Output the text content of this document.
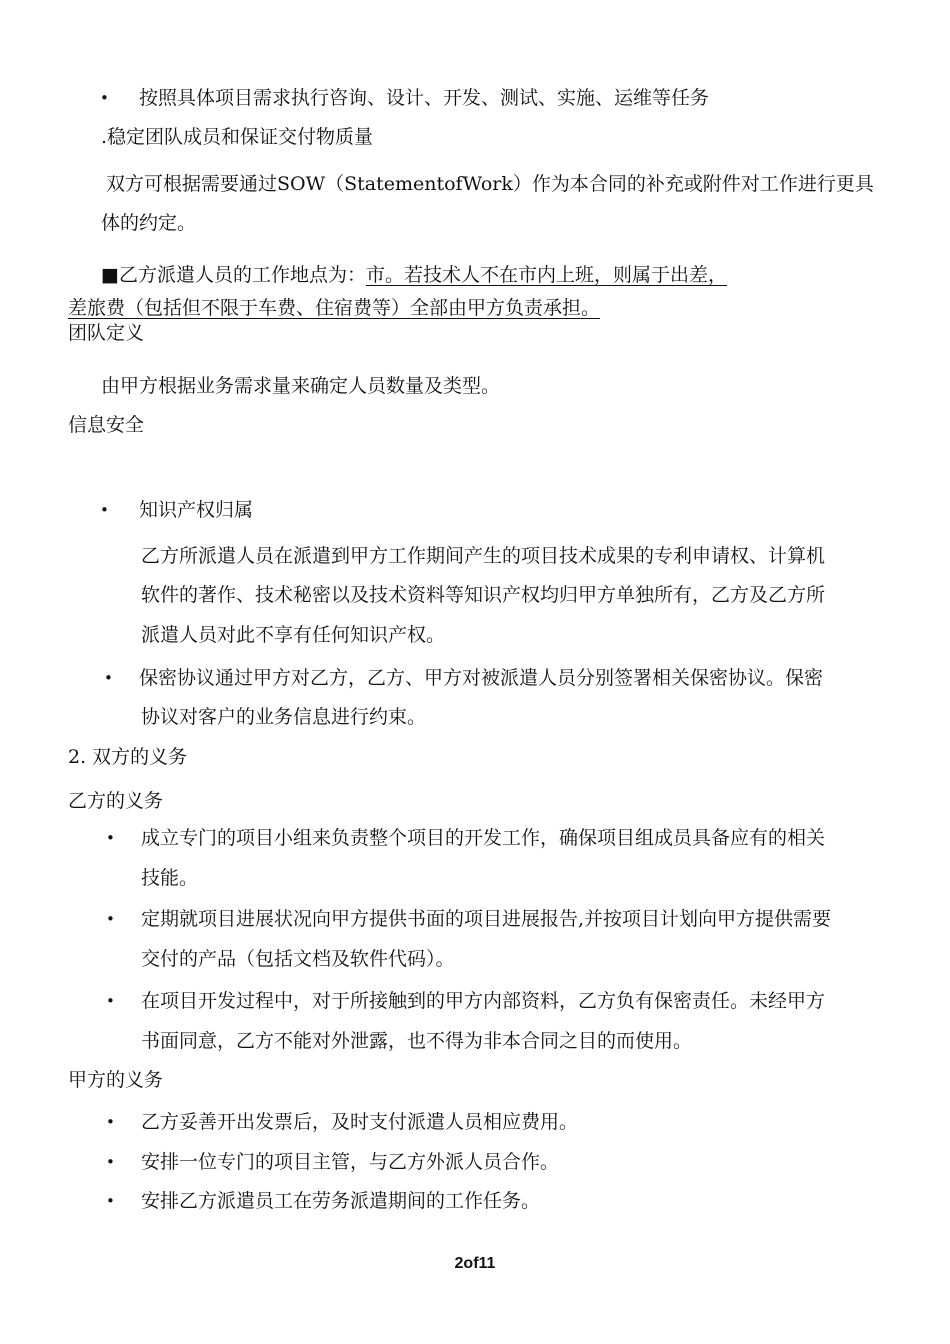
• 按照具体项目需求执行咨询、设计、开发、测试、实施、运维等任务
.稳定团队成员和保证交付物质量
双方可根据需要通过SOW（StatementofWork）作为本合同的补充或附件对工作进行更具
体的约定。
■乙方派遣人员的工作地点为：市。若技术人不在市内上班，则属于出差，
差旅费（包括但不限于车费、住宿费等）全部由甲方负责承担。
团队定义
由甲方根据业务需求量来确定人员数量及类型。
信息安全
• 知识产权归属
乙方所派遣人员在派遣到甲方工作期间产生的项目技术成果的专利申请权、计算机
软件的著作、技术秘密以及技术资料等知识产权均归甲方单独所有，乙方及乙方所
派遣人员对此不享有任何知识产权。
• 保密协议通过甲方对乙方，乙方、甲方对被派遣人员分别签署相关保密协议。保密
协议对客户的业务信息进行约束。
2. 双方的义务
乙方的义务
• 成立专门的项目小组来负责整个项目的开发工作，确保项目组成员具备应有的相关
技能。
• 定期就项目进展状况向甲方提供书面的项目进展报告,并按项目计划向甲方提供需要
交付的产品（包括文档及软件代码）。
• 在项目开发过程中，对于所接触到的甲方内部资料，乙方负有保密责任。未经甲方
书面同意，乙方不能对外泄露，也不得为非本合同之目的而使用。
甲方的义务
• 乙方妥善开出发票后，及时支付派遣人员相应费用。
• 安排一位专门的项目主管，与乙方外派人员合作。
• 安排乙方派遣员工在劳务派遣期间的工作任务。
2of11
